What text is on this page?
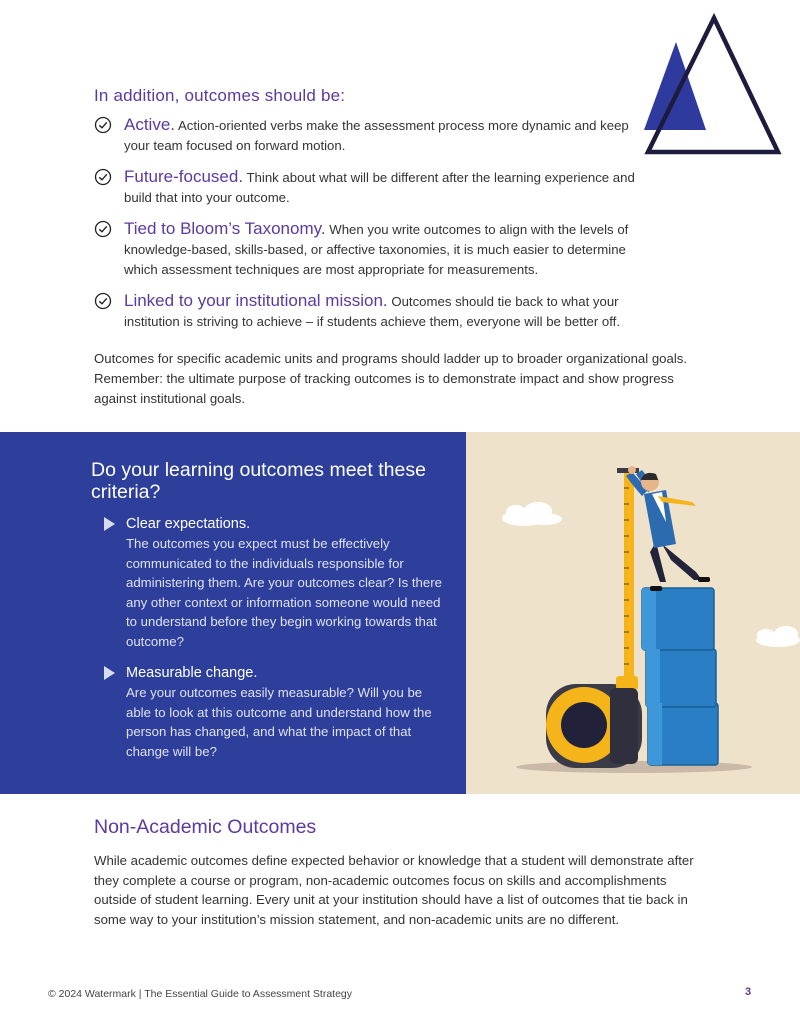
In addition, outcomes should be:
Active. Action-oriented verbs make the assessment process more dynamic and keep your team focused on forward motion.
Future-focused. Think about what will be different after the learning experience and build that into your outcome.
Tied to Bloom’s Taxonomy. When you write outcomes to align with the levels of knowledge-based, skills-based, or affective taxonomies, it is much easier to determine which assessment techniques are most appropriate for measurements.
Linked to your institutional mission. Outcomes should tie back to what your institution is striving to achieve – if students achieve them, everyone will be better off.

Outcomes for specific academic units and programs should ladder up to broader organizational goals. Remember: the ultimate purpose of tracking outcomes is to demonstrate impact and show progress against institutional goals.

Do your learning outcomes meet these criteria?
Clear expectations.
The outcomes you expect must be effectively communicated to the individuals responsible for administering them. Are your outcomes clear? Is there any other context or information someone would need to understand before they begin working towards that outcome?
Measurable change.
Are your outcomes easily measurable? Will you be able to look at this outcome and understand how the person has changed, and what the impact of that change will be?
Non-Academic Outcomes

While academic outcomes define expected behavior or knowledge that a student will demonstrate after they complete a course or program, non-academic outcomes focus on skills and accomplishments outside of student learning. Every unit at your institution should have a list of outcomes that tie back in some way to your institution’s mission statement, and non-academic units are no different.

© 2024 Watermark | The Essential Guide to Assessment Strategy	3
